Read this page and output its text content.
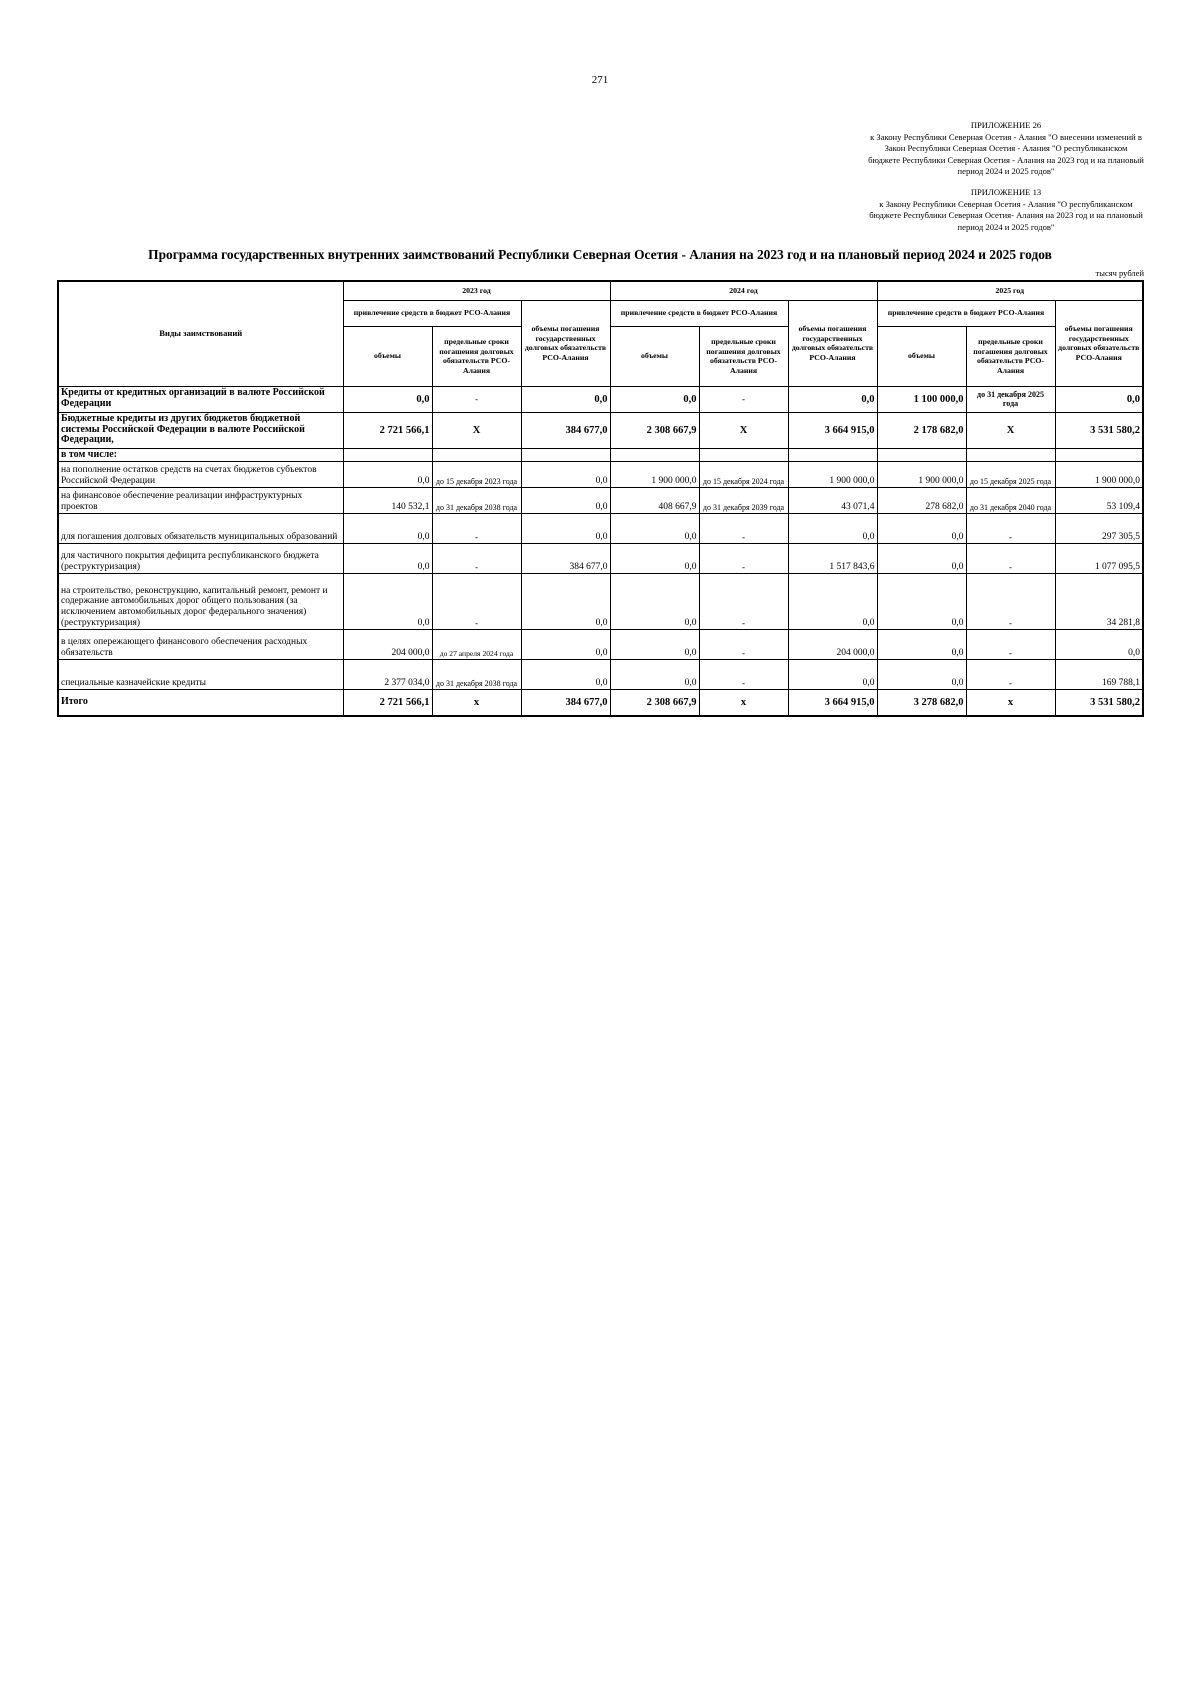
271
ПРИЛОЖЕНИЕ 26
к Закону Республики Северная Осетия - Алания "О внесении изменений в Закон Республики Северная Осетия - Алания "О республиканском бюджете Республики Северная Осетия - Алания на 2023 год и на плановый период 2024 и 2025 годов"
ПРИЛОЖЕНИЕ 13
к Закону Республики Северная Осетия - Алания "О республиканском бюджете Республики Северная Осетия- Алания на 2023 год и на плановый период 2024 и 2025 годов"
Программа государственных внутренних заимствований Республики Северная Осетия - Алания на 2023 год и на плановый период 2024 и 2025 годов
тысяч рублей
Виды заимствований	2023 год			2024 год			2025 год		
	привлечение средств в бюджет РСО-Алания		объемы погашения государственных долговых обязательств РСО-Алания	привлечение средств в бюджет РСО-Алания		объемы погашения государственных долговых обязательств РСО-Алания	привлечение средств в бюджет РСО-Алания		объемы погашения государственных долговых обязательств РСО-Алания
	объемы	предельные сроки погашения долговых обязательств РСО-Алания		объемы	предельные сроки погашения долговых обязательств РСО-Алания		объемы	предельные сроки погашения долговых обязательств РСО-Алания	
Кредиты от кредитных организаций в валюте Российской Федерации	0,0	-	0,0	0,0	-	0,0	1 100 000,0	до 31 декабря 2025 года	0,0
Бюджетные кредиты из других бюджетов бюджетной системы Российской Федерации в валюте Российской Федерации,	2 721 566,1	Х	384 677,0	2 308 667,9	Х	3 664 915,0	2 178 682,0	Х	3 531 580,2
в том числе:									
на пополнение остатков средств на счетах бюджетов субъектов Российской Федерации	0,0	до 15 декабря 2023 года	0,0	1 900 000,0	до 15 декабря 2024 года	1 900 000,0	1 900 000,0	до 15 декабря 2025 года	1 900 000,0
на финансовое обеспечение реализации инфраструктурных проектов	140 532,1	до 31 декабря 2038 года	0,0	408 667,9	до 31 декабря 2039 года	43 071,4	278 682,0	до 31 декабря 2040 года	53 109,4
для погашения долговых обязательств муниципальных образований	0,0	-	0,0	0,0	-	0,0	0,0	-	297 305,5
для частичного покрытия дефицита республиканского бюджета (реструктуризация)	0,0	-	384 677,0	0,0	-	1 517 843,6	0,0	-	1 077 095,5
на строительство, реконструкцию, капитальный ремонт, ремонт и содержание автомобильных дорог общего пользования (за исключением автомобильных дорог федерального значения) (реструктуризация)	0,0	-	0,0	0,0	-	0,0	0,0	-	34 281,8
в целях опережающего финансового обеспечения расходных обязательств	204 000,0	до 27 апреля 2024 года	0,0	0,0	-	204 000,0	0,0	-	0,0
специальные казначейские кредиты	2 377 034,0	до 31 декабря 2038 года	0,0	0,0	-	0,0	0,0	-	169 788,1
Итого	2 721 566,1	х	384 677,0	2 308 667,9	х	3 664 915,0	3 278 682,0	х	3 531 580,2
